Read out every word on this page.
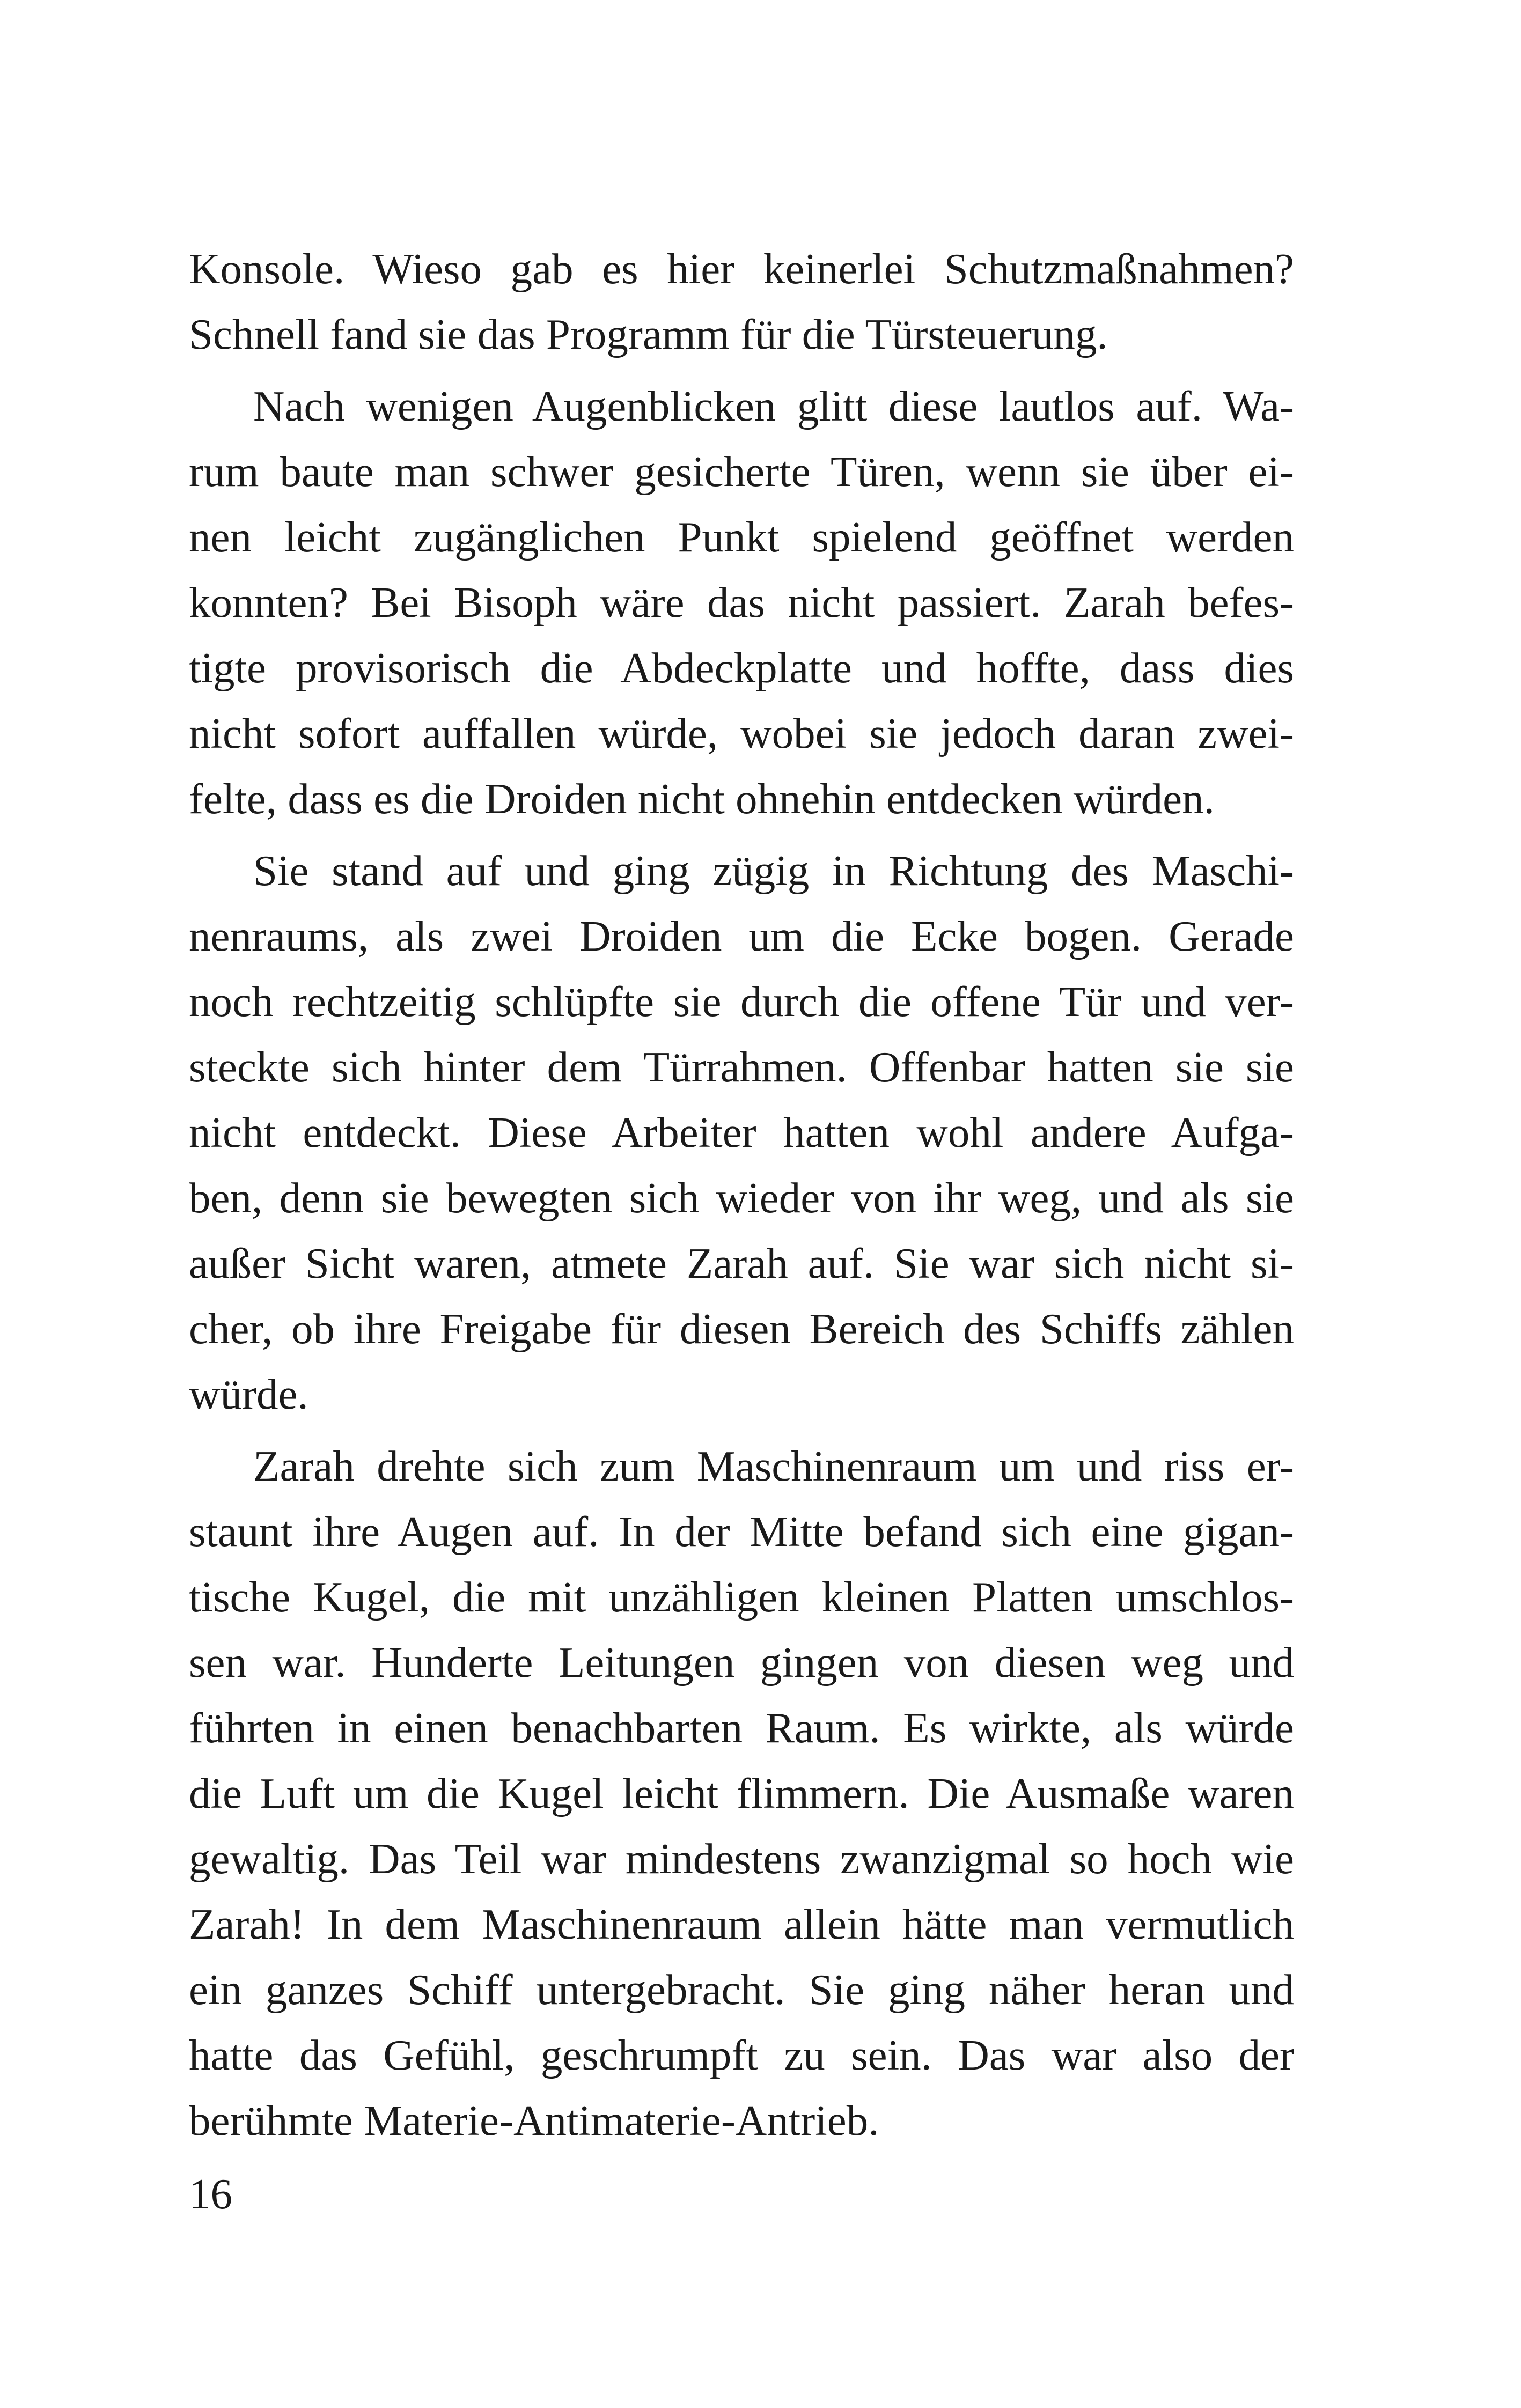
Konsole. Wieso gab es hier keinerlei Schutzmaßnahmen?
Schnell fand sie das Programm für die Türsteuerung.
Nach wenigen Augenblicken glitt diese lautlos auf. Wa-
rum baute man schwer gesicherte Türen, wenn sie über ei-
nen leicht zugänglichen Punkt spielend geöffnet werden
konnten? Bei Bisoph wäre das nicht passiert. Zarah befes-
tigte provisorisch die Abdeckplatte und hoffte, dass dies
nicht sofort auffallen würde, wobei sie jedoch daran zwei-
felte, dass es die Droiden nicht ohnehin entdecken würden.
Sie stand auf und ging zügig in Richtung des Maschi-
nenraums, als zwei Droiden um die Ecke bogen. Gerade
noch rechtzeitig schlüpfte sie durch die offene Tür und ver-
steckte sich hinter dem Türrahmen. Offenbar hatten sie sie
nicht entdeckt. Diese Arbeiter hatten wohl andere Aufga-
ben, denn sie bewegten sich wieder von ihr weg, und als sie
außer Sicht waren, atmete Zarah auf. Sie war sich nicht si-
cher, ob ihre Freigabe für diesen Bereich des Schiffs zählen
würde.
Zarah drehte sich zum Maschinenraum um und riss er-
staunt ihre Augen auf. In der Mitte befand sich eine gigan-
tische Kugel, die mit unzähligen kleinen Platten umschlos-
sen war. Hunderte Leitungen gingen von diesen weg und
führten in einen benachbarten Raum. Es wirkte, als würde
die Luft um die Kugel leicht flimmern. Die Ausmaße waren
gewaltig. Das Teil war mindestens zwanzigmal so hoch wie
Zarah! In dem Maschinenraum allein hätte man vermutlich
ein ganzes Schiff untergebracht. Sie ging näher heran und
hatte das Gefühl, geschrumpft zu sein. Das war also der
berühmte Materie-Antimaterie-Antrieb.
16
